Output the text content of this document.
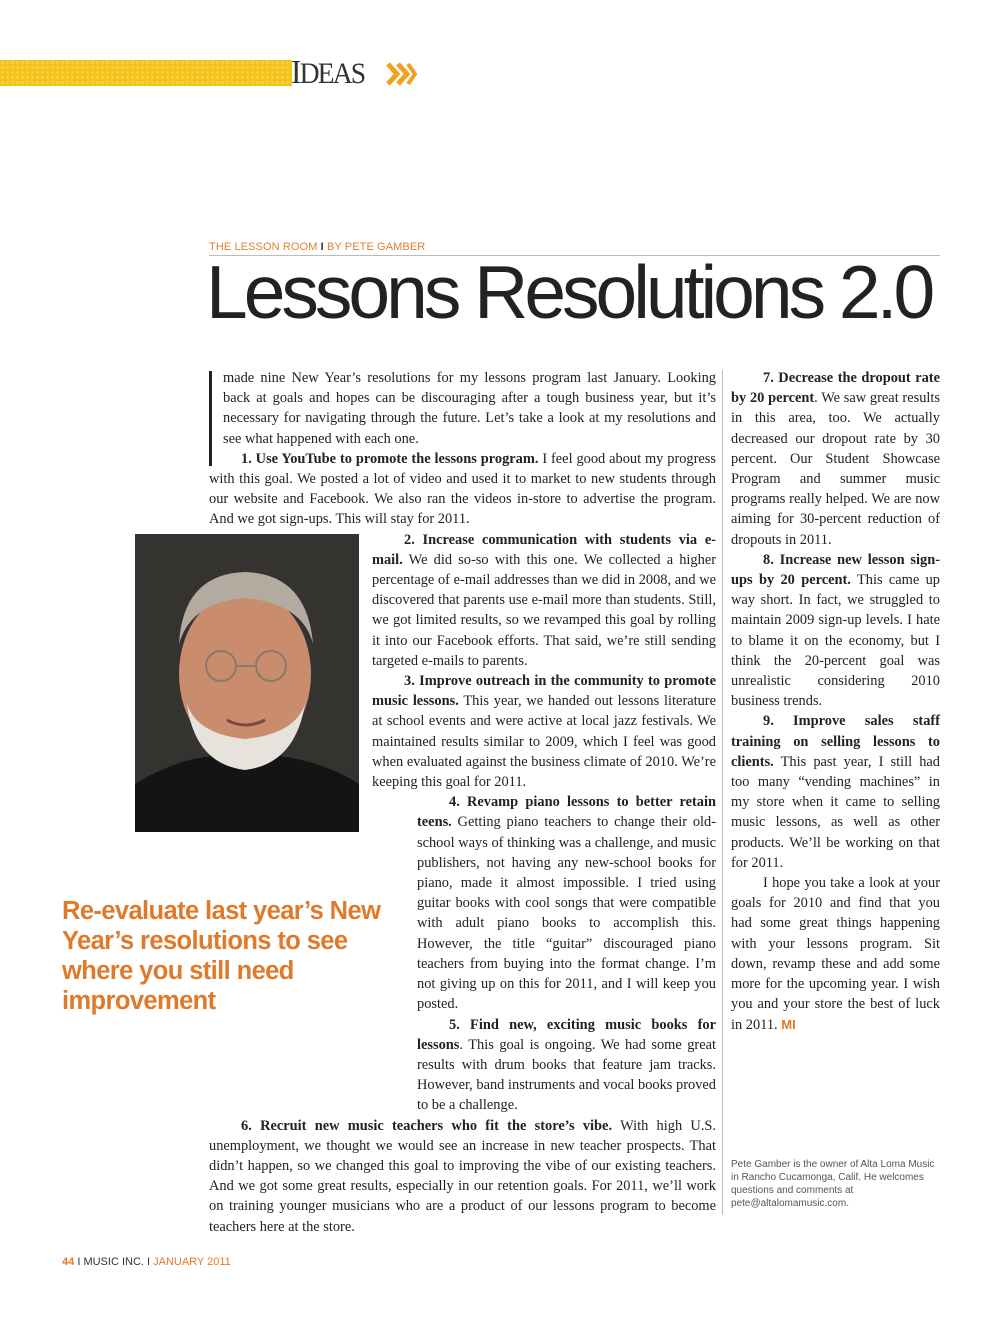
IDEAS
THE LESSON ROOM I BY PETE GAMBER
Lessons Resolutions 2.0
Re-evaluate last year’s New Year’s resolutions to see where you still need improvement

made nine New Year’s resolutions for my lessons program last January. Looking back at goals and hopes can be discouraging after a tough business year, but it’s necessary for navigating through the future. Let’s take a look at my resolutions and see what happened with each one.

1. Use YouTube to promote the lessons program. I feel good about my progress with this goal. We posted a lot of video and used it to market to new students through our website and Facebook. We also ran the videos in-store to advertise the program. And we got sign-ups. This will stay for 2011.

2. Increase communication with students via e-mail. We did so-so with this one. We collected a higher percentage of e-mail addresses than we did in 2008, and we discovered that parents use e-mail more than students. Still, we got limited results, so we revamped this goal by rolling it into our Facebook efforts. That said, we’re still sending targeted e-mails to parents.

3. Improve outreach in the community to promote music lessons. This year, we handed out lessons literature at school events and were active at local jazz festivals. We maintained results similar to 2009, which I feel was good when evaluated against the business climate of 2010. We’re keeping this goal for 2011.

4. Revamp piano lessons to better retain teens. Getting piano teachers to change their old-school ways of thinking was a challenge, and music publishers, not having any new-school books for piano, made it almost impossible. I tried using guitar books with cool songs that were compatible with adult piano books to accomplish this. However, the title “guitar” discouraged piano teachers from buying into the format change. I’m not giving up on this for 2011, and I will keep you posted.

5. Find new, exciting music books for lessons. This goal is ongoing. We had some great results with drum books that feature jam tracks. However, band instruments and vocal books proved to be a challenge.

6. Recruit new music teachers who fit the store’s vibe. With high U.S. unemployment, we thought we would see an increase in new teacher prospects. That didn’t happen, so we changed this goal to improving the vibe of our existing teachers. And we got some great results, especially in our retention goals. For 2011, we’ll work on training younger musicians who are a product of our lessons program to become teachers here at the store.

7. Decrease the dropout rate by 20 percent. We saw great results in this area, too. We actually decreased our dropout rate by 30 percent. Our Student Showcase Program and summer music programs really helped. We are now aiming for 30-percent reduction of dropouts in 2011.

8. Increase new lesson sign-ups by 20 percent. This came up way short. In fact, we struggled to maintain 2009 sign-up levels. I hate to blame it on the economy, but I think the 20-percent goal was unrealistic considering 2010 business trends.

9. Improve sales staff training on selling lessons to clients. This past year, I still had too many “vending machines” in my store when it came to selling music lessons, as well as other products. We’ll be working on that for 2011.

I hope you take a look at your goals for 2010 and find that you had some great things happening with your lessons program. Sit down, revamp these and add some more for the upcoming year. I wish you and your store the best of luck in 2011. MI

Pete Gamber is the owner of Alta Loma Music in Rancho Cucamonga, Calif. He welcomes questions and comments at pete@altalomamusic.com.
44 I MUSIC INC. I JANUARY 2011
